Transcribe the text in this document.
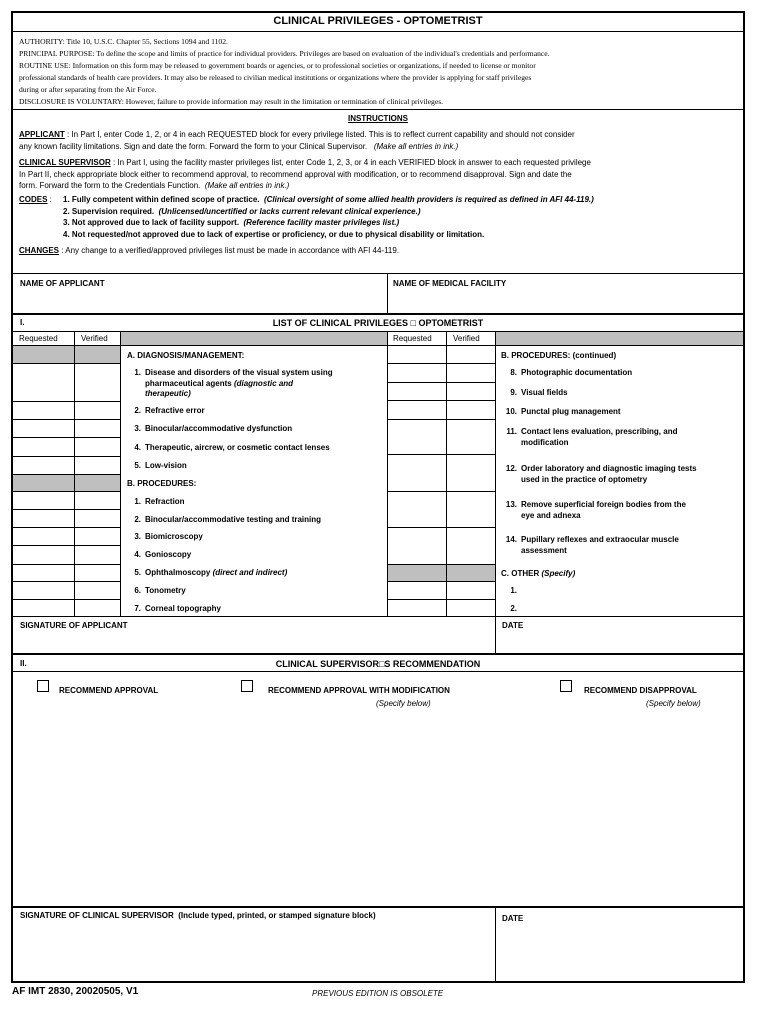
CLINICAL PRIVILEGES - OPTOMETRIST
AUTHORITY: Title 10, U.S.C. Chapter 55, Sections 1094 and 1102.
PRINCIPAL PURPOSE: To define the scope and limits of practice for individual providers. Privileges are based on evaluation of the individual's credentials and performance.
ROUTINE USE: Information on this form may be released to government boards or agencies, or to professional societies or organizations, if needed to license or monitor
professional standards of health care providers. It may also be released to civilian medical institutions or organizations where the provider is applying for staff privileges
during or after separating from the Air Force.
DISCLOSURE IS VOLUNTARY: However, failure to provide information may result in the limitation or termination of clinical privileges.
INSTRUCTIONS
APPLICANT : In Part I, enter Code 1, 2, or 4 in each REQUESTED block for every privilege listed. This is to reflect current capability and should not consider
any known facility limitations. Sign and date the form. Forward the form to your Clinical Supervisor. (Make all entries in ink.)
CLINICAL SUPERVISOR : In Part I, using the facility master privileges list, enter Code 1, 2, 3, or 4 in each VERIFIED block in answer to each requested privilege
In Part II, check appropriate block either to recommend approval, to recommend approval with modification, or to recommend disapproval. Sign and date the
form. Forward the form to the Credentials Function. (Make all entries in ink.)
CODES : 1. Fully competent within defined scope of practice. (Clinical oversight of some allied health providers is required as defined in AFI 44-119.)
2. Supervision required. (Unlicensed/uncertified or lacks current relevant clinical experience.)
3. Not approved due to lack of facility support. (Reference facility master privileges list.)
4. Not requested/not approved due to lack of expertise or proficiency, or due to physical disability or limitation.
CHANGES : Any change to a verified/approved privileges list must be made in accordance with AFI 44-119.
NAME OF APPLICANT	NAME OF MEDICAL FACILITY
I.	LIST OF CLINICAL PRIVILEGES □ OPTOMETRIST
Requested	Verified	Requested	Verified
A. DIAGNOSIS/MANAGEMENT:
1. Disease and disorders of the visual system using
pharmaceutical agents (diagnostic and
therapeutic)
2. Refractive error
3. Binocular/accommodative dysfunction
4. Therapeutic, aircrew, or cosmetic contact lenses
5. Low-vision
B. PROCEDURES:
1. Refraction
2. Binocular/accommodative testing and training
3. Biomicroscopy
4. Gonioscopy
5. Ophthalmoscopy (direct and indirect)
6. Tonometry
7. Corneal topography
B. PROCEDURES: (continued)
8. Photographic documentation
9. Visual fields
10. Punctal plug management
11. Contact lens evaluation, prescribing, and
modification
12. Order laboratory and diagnostic imaging tests
used in the practice of optometry
13. Remove superficial foreign bodies from the
eye and adnexa
14. Pupillary reflexes and extraocular muscle
assessment
C. OTHER (Specify)
1.
2.
SIGNATURE OF APPLICANT	DATE
II.	CLINICAL SUPERVISOR□S RECOMMENDATION
RECOMMEND APPROVAL	RECOMMEND APPROVAL WITH MODIFICATION
(Specify below)
RECOMMEND DISAPPROVAL
(Specify below)
SIGNATURE OF CLINICAL SUPERVISOR (Include typed, printed, or stamped signature block)	DATE
AF IMT 2830, 20020505, V1	PREVIOUS EDITION IS OBSOLETE
